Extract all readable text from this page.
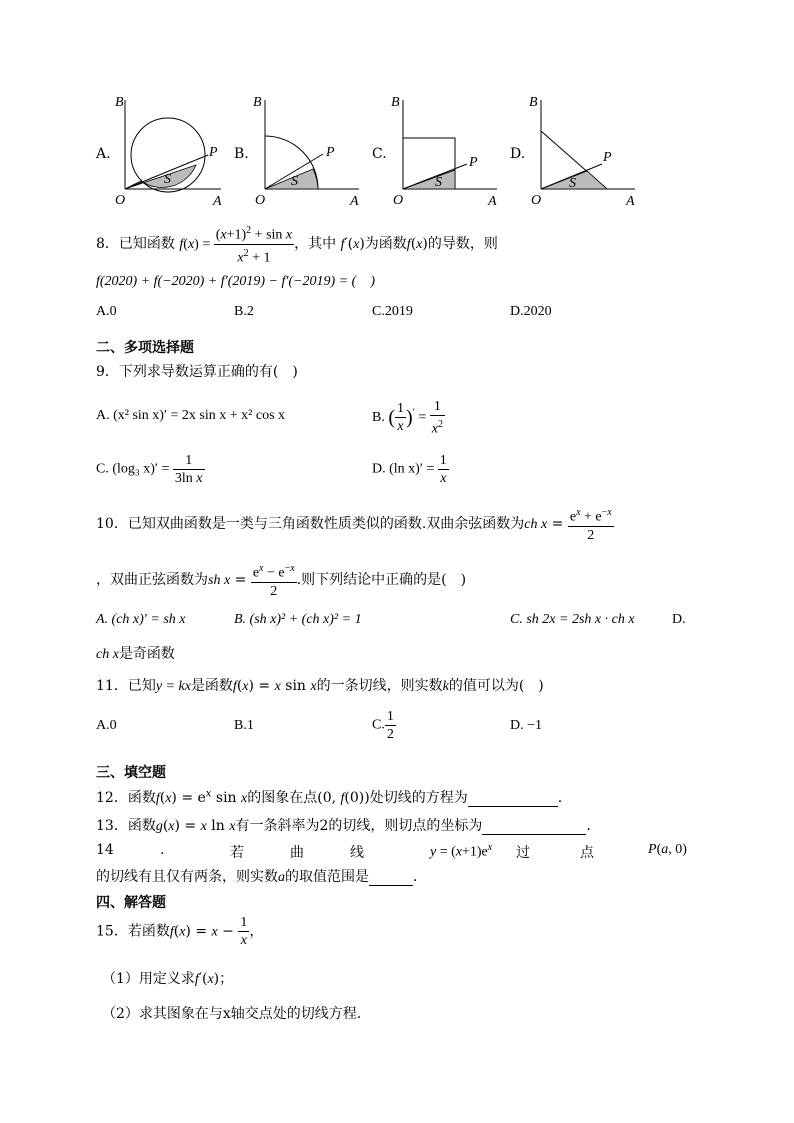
A.
B
O	A
P
S
B.
B
O	A
P
S
C.
B
O	A
P
S
D.
B
O	A
P
S
8．已知函数 $f(x) = \frac{(x+1)^2 + \sin x}{x^2 + 1}$ ，其中 f′(x)为函数f(x)的导数，则
f(2020) + f(−2020) + f′(2019) − f′(−2019) = (　)
A.0	B.2	C.2019	D.2020
二、多项选择题
9．下列求导数运算正确的有(　)
A. (x² sin x)′ = 2x sin x + x² cos x	B. ( $\frac{1}{x} )' = \frac{1}{x^2}$
C. (log₃ $x)' = \frac{1}{\text{3ln x}}$	D. (ln $x)' = \frac{1}{x}$
10．已知双曲函数是一类与三角函数性质类似的函数.双曲余弦函数为ch $x = \frac{e^x + e^{-x}}{2}$
，双曲正弦函数为sh $x = \frac{e^x - e^{-x}}{2}$ .则下列结论中正确的是(　)
A. (ch x)′ = sh x	B. (sh x)² + (ch x)² = 1	C. sh 2x = 2sh x · ch x	D.
ch x是奇函数
11．已知y = kx是函数f(x) = x sin x的一条切线，则实数k的值可以为(　)
A.0	B.1	C. $\frac{1}{2}$	D. −1
三、填空题
12．函数$f(x) = e^x$ sin x的图象在点(0, f(0))处切线的方程为	.
13．函数g(x) = x ln x有一条斜率为2的切线，则切点的坐标为	.
14	.	若	曲	线	$y = (x+1)e^x$ 过	点	P(a, 0)
的切线有且仅有两条，则实数a的取值范围是	.
四、解答题
15．若函数$f(x) = x - \frac{1}{x}$ ，
（1）用定义求f′(x)；
（2）求其图象在与x轴交点处的切线方程.
